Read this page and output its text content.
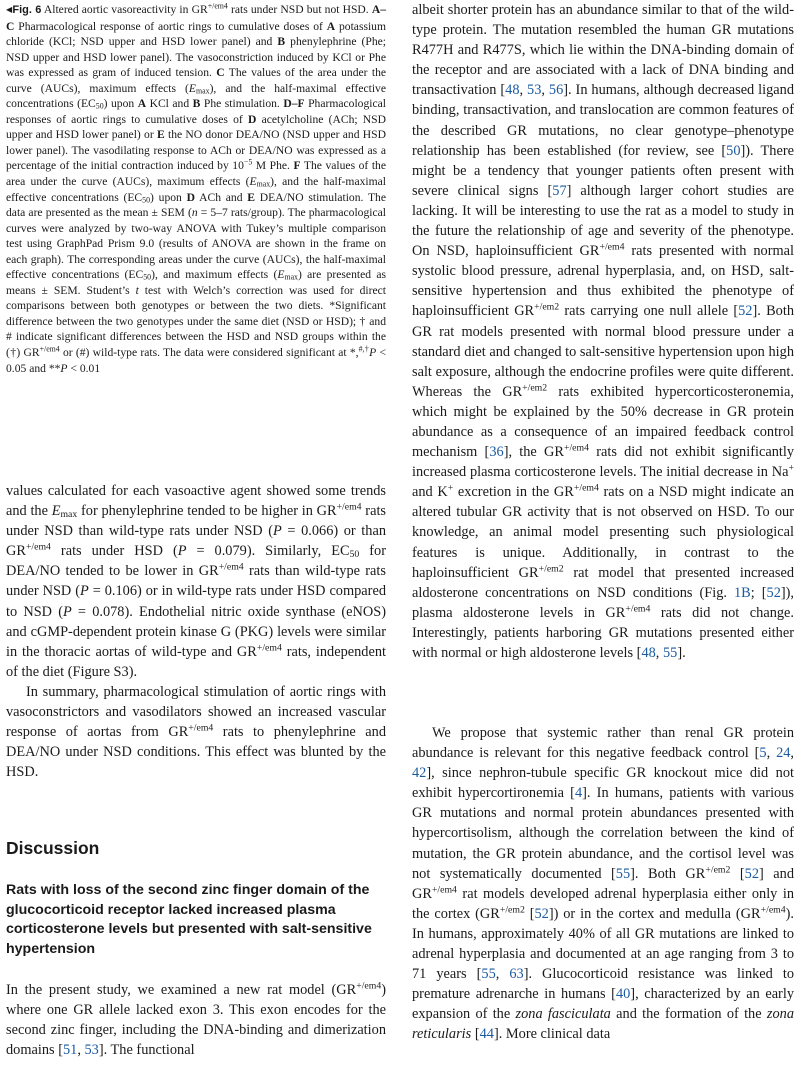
◀Fig. 6 Altered aortic vasoreactivity in $GR^{+/em4}$ rats under NSD but not HSD. A–C Pharmacological response of aortic rings to cumulative doses of A potassium chloride (KCl; NSD upper and HSD lower panel) and B phenylephrine (Phe; NSD upper and HSD lower panel). The vasoconstriction induced by KCl or Phe was expressed as gram of induced tension. C The values of the area under the curve (AUCs), maximum effects $(E_{max})$, and the half-maximal effective concentrations $(EC_{50})$ upon A KCl and B Phe stimulation. D–F Pharmacological responses of aortic rings to cumulative doses of D acetylcholine (ACh; NSD upper and HSD lower panel) or E the NO donor DEA/NO (NSD upper and HSD lower panel). The vasodilating response to ACh or DEA/NO was expressed as a percentage of the initial contraction induced by $10^{-5}$ M Phe. F The values of the area under the curve (AUCs), maximum effects $(E_{max})$, and the half-maximal effective concentrations $(EC_{50})$ upon D ACh and E DEA/NO stimulation. The data are presented as the mean ± SEM (n = 5–7 rats/group). The pharmacological curves were analyzed by two-way ANOVA with Tukey’s multiple comparison test using GraphPad Prism 9.0 (results of ANOVA are shown in the frame on each graph). The corresponding areas under the curve (AUCs), the half-maximal effective concentrations $(EC_{50})$, and maximum effects $(E_{max})$ are presented as means ± SEM. Student’s t test with Welch’s correction was used for direct comparisons between both genotypes or between the two diets. *Significant difference between the two genotypes under the same diet (NSD or HSD); † and # indicate significant differences between the HSD and NSD groups within the (†) $GR^{+/em4}$ or (#) wild-type rats. The data were considered significant at *,#,†P < 0.05 and **P < 0.01

values calculated for each vasoactive agent showed some trends and the $E_{max}$ for phenylephrine tended to be higher in $GR^{+/em4}$ rats under NSD than wild-type rats under NSD (P = 0.066) or than $GR^{+/em4}$ rats under HSD (P = 0.079). Similarly, $EC_{50}$ for DEA/NO tended to be lower in $GR^{+/em4}$ rats than wild-type rats under NSD (P = 0.106) or in wild-type rats under HSD compared to NSD (P = 0.078). Endothelial nitric oxide synthase (eNOS) and cGMP-dependent protein kinase G (PKG) levels were similar in the thoracic aortas of wild-type and $GR^{+/em4}$ rats, independent of the diet (Figure S3).

In summary, pharmacological stimulation of aortic rings with vasoconstrictors and vasodilators showed an increased vascular response of aortas from $GR^{+/em4}$ rats to phenylephrine and DEA/NO under NSD conditions. This effect was blunted by the HSD.

Discussion
Rats with loss of the second zinc finger domain of the glucocorticoid receptor lacked increased plasma corticosterone levels but presented with salt-sensitive hypertension

In the present study, we examined a new rat model $(GR^{+/em4})$ where one GR allele lacked exon 3. This exon encodes for the second zinc finger, including the DNA-binding and dimerization domains [51, 53]. The functional

albeit shorter protein has an abundance similar to that of the wild-type protein. The mutation resembled the human GR mutations R477H and R477S, which lie within the DNA-binding domain of the receptor and are associated with a lack of DNA binding and transactivation [48, 53, 56]. In humans, although decreased ligand binding, transactivation, and translocation are common features of the described GR mutations, no clear genotype–phenotype relationship has been established (for review, see [50]). There might be a tendency that younger patients often present with severe clinical signs [57] although larger cohort studies are lacking. It will be interesting to use the rat as a model to study in the future the relationship of age and severity of the phenotype. On NSD, haploinsufficient $GR^{+/em4}$ rats presented with normal systolic blood pressure, adrenal hyperplasia, and, on HSD, salt-sensitive hypertension and thus exhibited the phenotype of haploinsufficient $GR^{+/em2}$ rats carrying one null allele [52]. Both GR rat models presented with normal blood pressure under a standard diet and changed to salt-sensitive hypertension upon high salt exposure, although the endocrine profiles were quite different. Whereas the $GR^{+/em2}$ rats exhibited hypercorticosteronemia, which might be explained by the 50% decrease in GR protein abundance as a consequence of an impaired feedback control mechanism [36], the $GR^{+/em4}$ rats did not exhibit significantly increased plasma corticosterone levels. The initial decrease in Na+ and K+ excretion in the $GR^{+/em4}$ rats on a NSD might indicate an altered tubular GR activity that is not observed on HSD. To our knowledge, an animal model presenting such physiological features is unique. Additionally, in contrast to the haploinsufficient $GR^{+/em2}$ rat model that presented increased aldosterone concentrations on NSD conditions (Fig. 1B; [52]), plasma aldosterone levels in $GR^{+/em4}$ rats did not change. Interestingly, patients harboring GR mutations presented either with normal or high aldosterone levels [48, 55].

We propose that systemic rather than renal GR protein abundance is relevant for this negative feedback control [5, 24, 42], since nephron-tubule specific GR knockout mice did not exhibit hypercortironemia [4]. In humans, patients with various GR mutations and normal protein abundances presented with hypercortisolism, although the correlation between the kind of mutation, the GR protein abundance, and the cortisol level was not systematically documented [55]. Both $GR^{+/em2}$ [52] and $GR^{+/em4}$ rat models developed adrenal hyperplasia either only in the cortex ($GR^{+/em2}$ [52]) or in the cortex and medulla $(GR^{+/em4})$. In humans, approximately 40% of all GR mutations are linked to adrenal hyperplasia and documented at an age ranging from 3 to 71 years [55, 63]. Glucocorticoid resistance was linked to premature adrenarche in humans [40], characterized by an early expansion of the zona fasciculata and the formation of the zona reticularis [44]. More clinical data
